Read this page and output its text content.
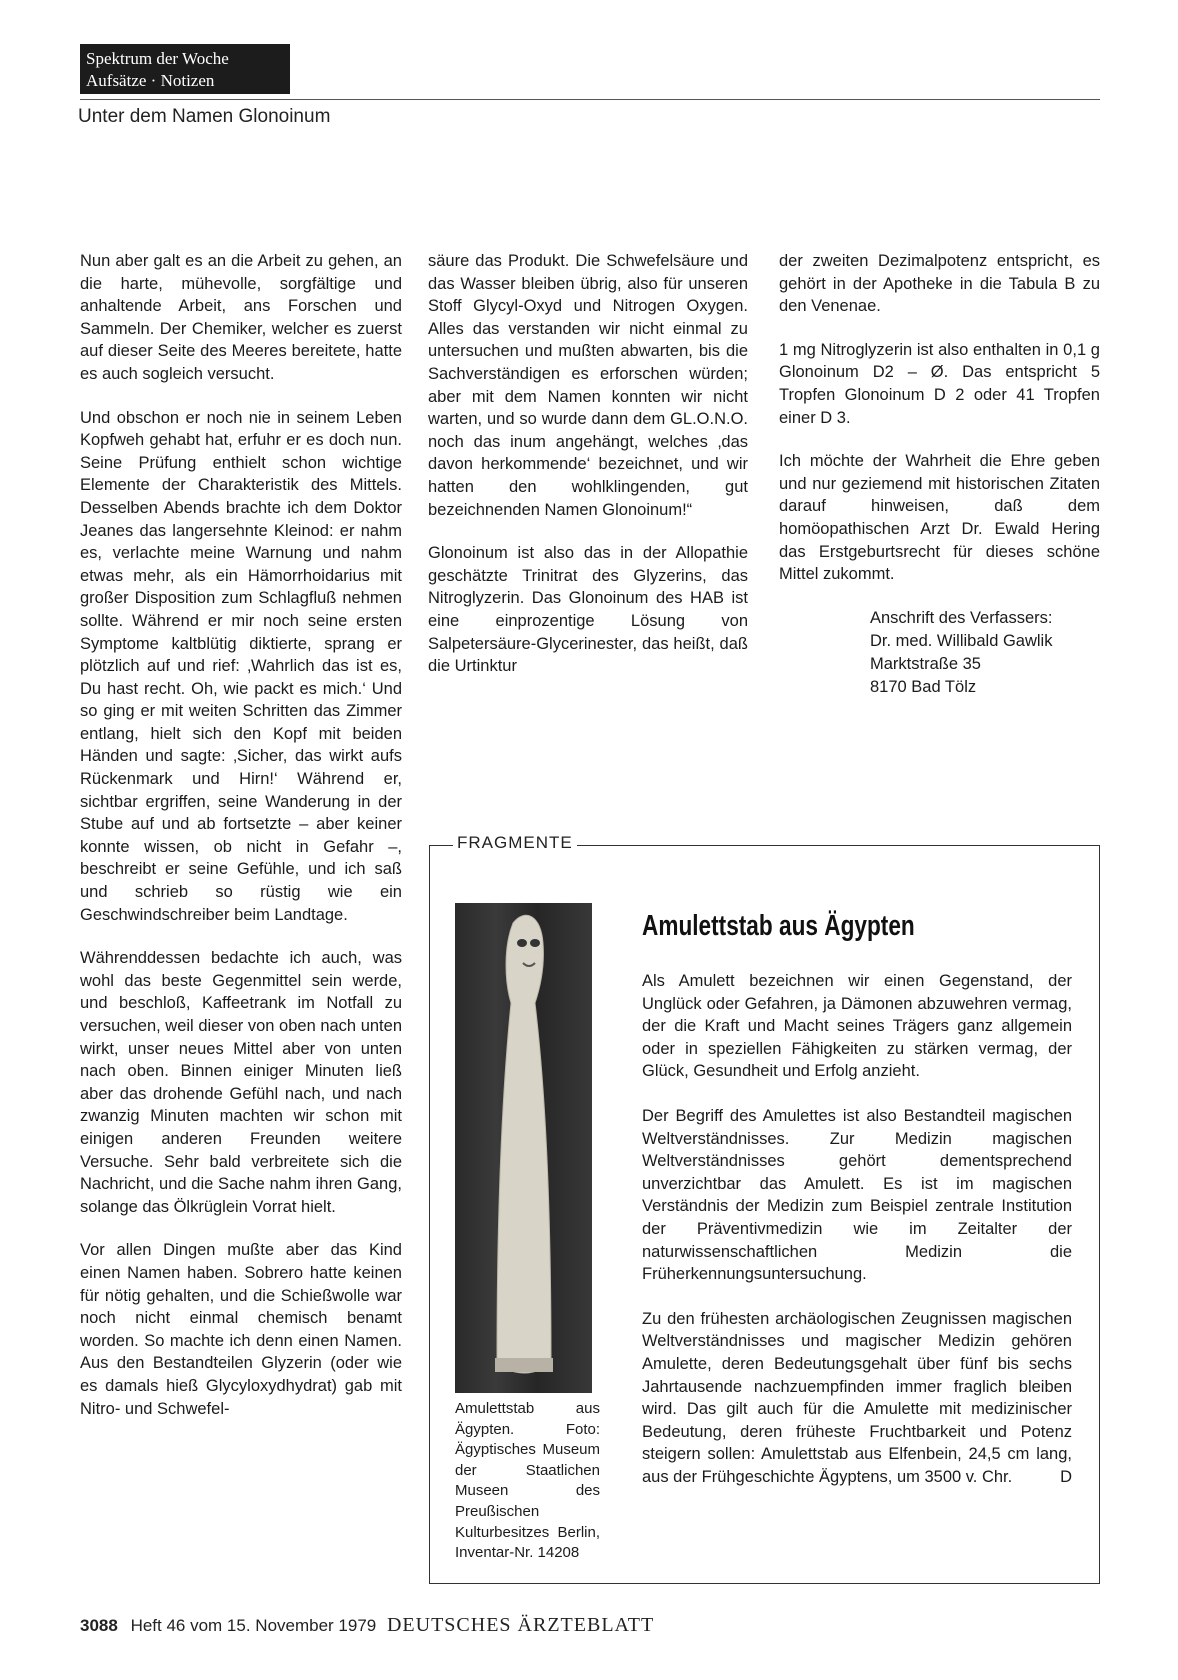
Spektrum der Woche
Aufsätze · Notizen
Unter dem Namen Glonoinum

Nun aber galt es an die Arbeit zu gehen, an die harte, mühevolle, sorgfältige und anhaltende Arbeit, ans Forschen und Sammeln. Der Chemiker, welcher es zuerst auf dieser Seite des Meeres bereitete, hatte es auch sogleich versucht.

Und obschon er noch nie in seinem Leben Kopfweh gehabt hat, erfuhr er es doch nun. Seine Prüfung enthielt schon wichtige Elemente der Charakteristik des Mittels. Desselben Abends brachte ich dem Doktor Jeanes das langersehnte Kleinod: er nahm es, verlachte meine Warnung und nahm etwas mehr, als ein Hämorrhoidarius mit großer Disposition zum Schlagfluß nehmen sollte. Während er mir noch seine ersten Symptome kaltblütig diktierte, sprang er plötzlich auf und rief: ‚Wahrlich das ist es, Du hast recht. Oh, wie packt es mich.‘ Und so ging er mit weiten Schritten das Zimmer entlang, hielt sich den Kopf mit beiden Händen und sagte: ‚Sicher, das wirkt aufs Rückenmark und Hirn!‘ Während er, sichtbar ergriffen, seine Wanderung in der Stube auf und ab fortsetzte – aber keiner konnte wissen, ob nicht in Gefahr –, beschreibt er seine Gefühle, und ich saß und schrieb so rüstig wie ein Geschwindschreiber beim Landtage.

Währenddessen bedachte ich auch, was wohl das beste Gegenmittel sein werde, und beschloß, Kaffeetrank im Notfall zu versuchen, weil dieser von oben nach unten wirkt, unser neues Mittel aber von unten nach oben. Binnen einiger Minuten ließ aber das drohende Gefühl nach, und nach zwanzig Minuten machten wir schon mit einigen anderen Freunden weitere Versuche. Sehr bald verbreitete sich die Nachricht, und die Sache nahm ihren Gang, solange das Ölkrüglein Vorrat hielt.

Vor allen Dingen mußte aber das Kind einen Namen haben. Sobrero hatte keinen für nötig gehalten, und die Schießwolle war noch nicht einmal chemisch benamt worden. So machte ich denn einen Namen. Aus den Bestandteilen Glyzerin (oder wie es damals hieß Glycyloxydhydrat) gab mit Nitro- und Schwefel-

säure das Produkt. Die Schwefelsäure und das Wasser bleiben übrig, also für unseren Stoff Glycyl-Oxyd und Nitrogen Oxygen. Alles das verstanden wir nicht einmal zu untersuchen und mußten abwarten, bis die Sachverständigen es erforschen würden; aber mit dem Namen konnten wir nicht warten, und so wurde dann dem GL.O.N.O. noch das inum angehängt, welches ‚das davon herkommende‘ bezeichnet, und wir hatten den wohlklingenden, gut bezeichnenden Namen Glonoinum!“

Glonoinum ist also das in der Allopathie geschätzte Trinitrat des Glyzerins, das Nitroglyzerin. Das Glonoinum des HAB ist eine einprozentige Lösung von Salpetersäure-Glycerinester, das heißt, daß die Urtinktur

der zweiten Dezimalpotenz entspricht, es gehört in der Apotheke in die Tabula B zu den Venenae.

1 mg Nitroglyzerin ist also enthalten in 0,1 g Glonoinum D2 – Ø. Das entspricht 5 Tropfen Glonoinum D 2 oder 41 Tropfen einer D 3.

Ich möchte der Wahrheit die Ehre geben und nur geziemend mit historischen Zitaten darauf hinweisen, daß dem homöopathischen Arzt Dr. Ewald Hering das Erstgeburtsrecht für dieses schöne Mittel zukommt.

Anschrift des Verfassers:
Dr. med. Willibald Gawlik
Marktstraße 35
8170 Bad Tölz
FRAGMENTE
Amulettstab aus Ägypten. Foto: Ägyptisches Museum der Staatlichen Museen des Preußischen Kulturbesitzes Berlin, Inventar-Nr. 14208
Amulettstab aus Ägypten

Als Amulett bezeichnen wir einen Gegenstand, der Unglück oder Gefahren, ja Dämonen abzuwehren vermag, der die Kraft und Macht seines Trägers ganz allgemein oder in speziellen Fähigkeiten zu stärken vermag, der Glück, Gesundheit und Erfolg anzieht.

Der Begriff des Amulettes ist also Bestandteil magischen Weltverständnisses. Zur Medizin magischen Weltverständnisses gehört dementsprechend unverzichtbar das Amulett. Es ist im magischen Verständnis der Medizin zum Beispiel zentrale Institution der Präventivmedizin wie im Zeitalter der naturwissenschaftlichen Medizin die Früherkennungsuntersuchung.

Zu den frühesten archäologischen Zeugnissen magischen Weltverständnisses und magischer Medizin gehören Amulette, deren Bedeutungsgehalt über fünf bis sechs Jahrtausende nachzuempfinden immer fraglich bleiben wird. Das gilt auch für die Amulette mit medizinischer Bedeutung, deren früheste Fruchtbarkeit und Potenz steigern sollen: Amulettstab aus Elfenbein, 24,5 cm lang, aus der Frühgeschichte Ägyptens, um 3500 v. Chr.	D

3088 Heft 46 vom 15. November 1979 DEUTSCHES ÄRZTEBLATT
